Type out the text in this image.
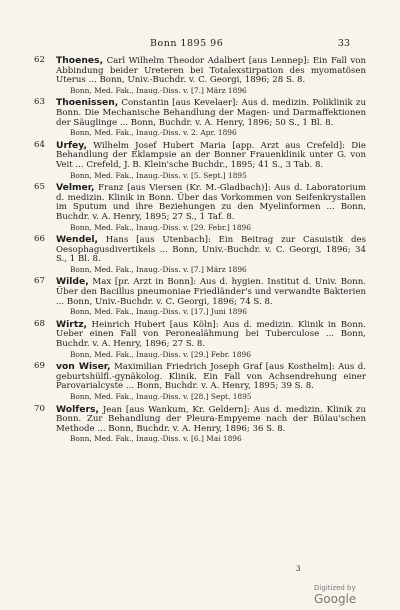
Bonn 1895 96	33
62 Thoenes, Carl Wilhelm Theodor Adalbert [aus Lennep]: Ein Fall von Abbindung beider Ureteren bei Totalexstirpation des myomatösen Uterus ... Bonn, Univ.-Buchdr. v. C. Georgi, 1896; 28 S. 8.
Bonn, Med. Fak., Inaug.-Diss. v. [7.] März 1896
63 Thoenissen, Constantin [aus Kevelaer]: Aus d. medizin. Poliklinik zu Bonn. Die Mechanische Behandlung der Magen- und Darmaffektionen der Säuglinge ... Bonn, Buchdr. v. A. Henry, 1896; 50 S., 1 Bl. 8.
Bonn, Med. Fak., Inaug.-Diss. v. 2. Apr. 1896
64 Urfey, Wilhelm Josef Hubert Maria [app. Arzt aus Crefeld]: Die Behandlung der Eklampsie an der Bonner Frauenklinik unter G. von Veit ... Crefeld, J. B. Klein'sche Buchdr., 1895; 41 S., 3 Tab. 8.
Bonn, Med. Fak., Inaug.-Diss. v. [5. Sept.] 1895
65 Velmer, Franz [aus Viersen (Kr. M.-Gladbach)]: Aus d. Laboratorium d. medizin. Klinik in Bonn. Über das Vorkommen von Seifenkrystallen im Sputum und ihre Beziehungen zu den Myelinformen ... Bonn, Buchdr. v. A. Henry, 1895; 27 S., 1 Taf. 8.
Bonn, Med. Fak., Inaug.-Diss. v. [29. Febr.] 1896
66 Wendel, Hans [aus Utenbach]: Ein Beitrag zur Casuistik des Oesophagusdivertikels ... Bonn, Univ.-Buchdr. v. C. Georgi, 1896; 34 S., 1 Bl. 8.
Bonn, Med. Fak., Inaug.-Diss. v. [7.] März 1896
67 Wilde, Max [pr. Arzt in Bonn]: Aus d. hygien. Institut d. Univ. Bonn. Über den Bacillus pneumoniae Friedländer's und verwandte Bakterien ... Bonn, Univ.-Buchdr. v. C. Georgi, 1896; 74 S. 8.
Bonn, Med. Fak., Inaug.-Diss. v. [17.] Juni 1896
68 Wirtz, Heinrich Hubert [aus Köln]: Aus d. medizin. Klinik in Bonn. Ueber einen Fall von Peronealähmung bei Tuberculose ... Bonn, Buchdr. v. A. Henry, 1896; 27 S. 8.
Bonn, Med. Fak., Inaug.-Diss. v. [29.] Febr. 1896
69 von Wiser, Maximilian Friedrich Joseph Graf [aus Kosthelm]: Aus d. geburtshülfl.-gynäkolog. Klinik. Ein Fall von Achsendrehung einer Parovarialcyste ... Bonn, Buchdr. v. A. Henry, 1895; 39 S. 8.
Bonn, Med. Fak., Inaug.-Diss. v. [28.] Sept. 1895
70 Wolfers, Jean [aus Wankum, Kr. Geldern]: Aus d. medizin. Klinik zu Bonn. Zur Behandlung der Pleura-Empyeme nach der Bülau'schen Methode ... Bonn, Buchdr. v. A. Henry, 1896; 36 S. 8.
Bonn, Med. Fak., Inaug.-Diss. v. [6.] Mai 1896
3
Digitized by Google
